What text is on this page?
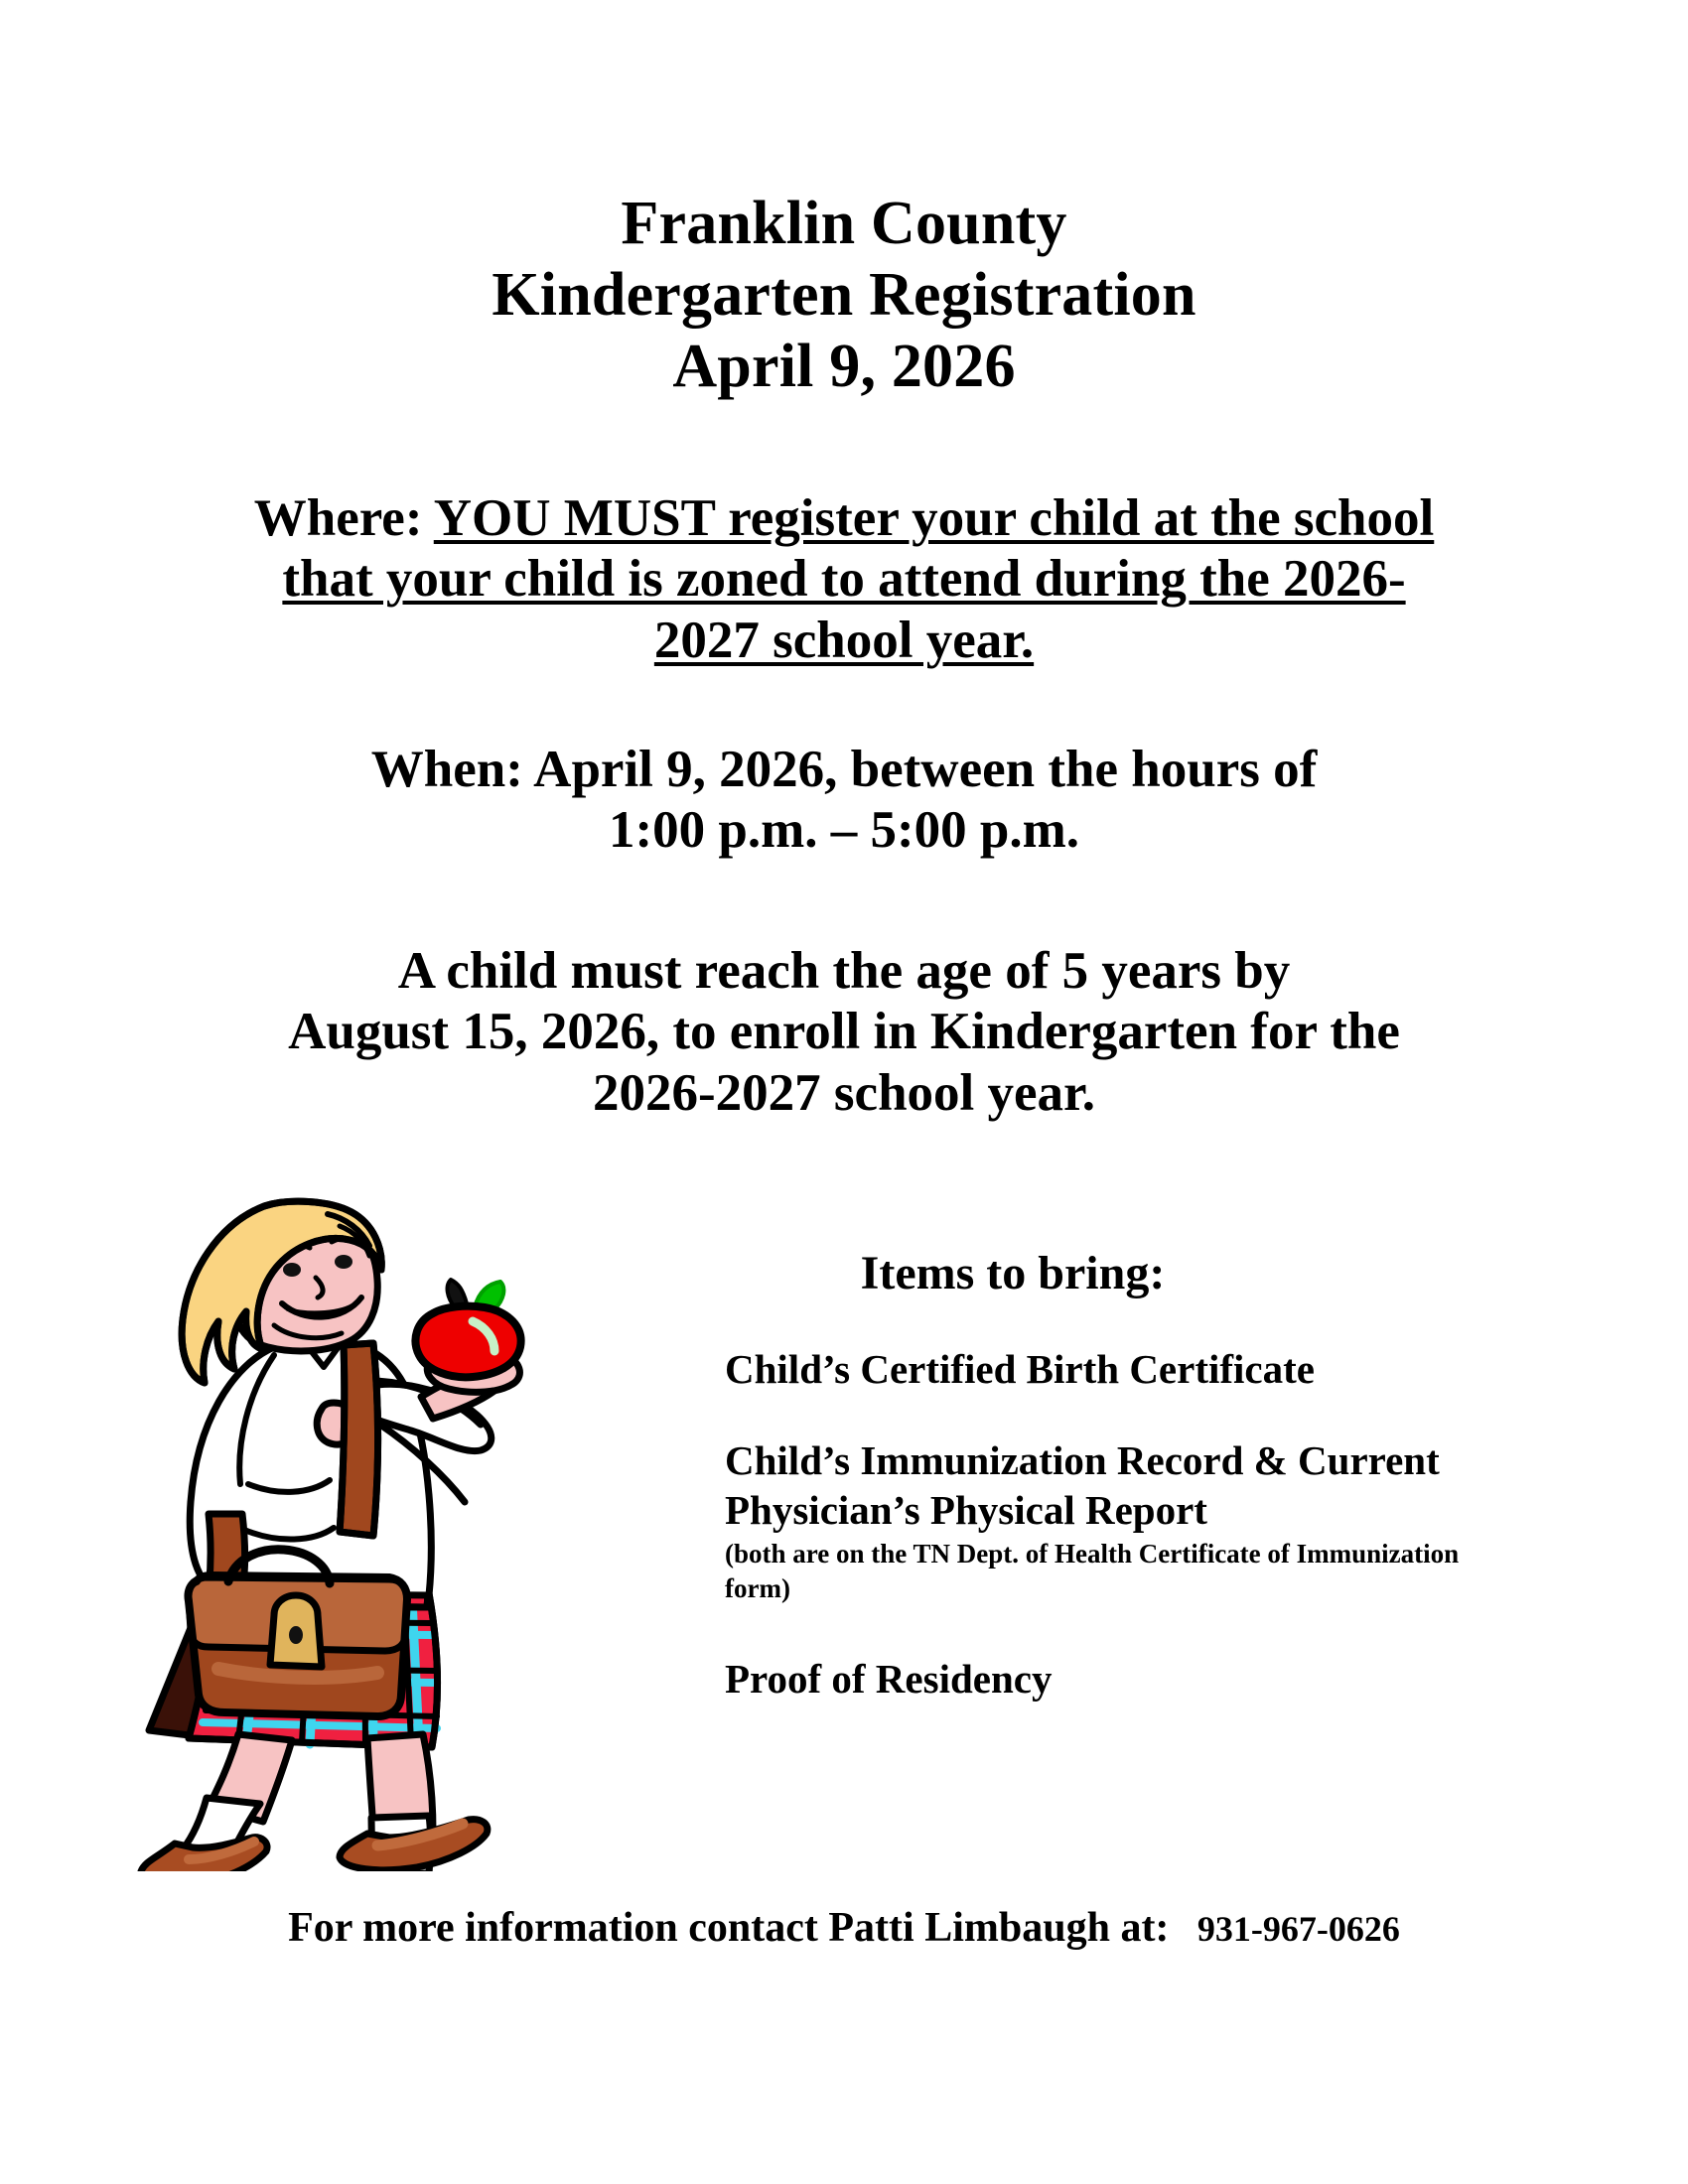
Franklin County
Kindergarten Registration
April 9, 2026
Where: YOU MUST register your child at the school that your child is zoned to attend during the 2026-2027 school year.
When: April 9, 2026, between the hours of
1:00 p.m. – 5:00 p.m.
A child must reach the age of 5 years by
August 15, 2026, to enroll in Kindergarten for the
2026-2027 school year.
Items to bring:
Child’s Certified Birth Certificate
Child’s Immunization Record & Current Physician’s Physical Report
(both are on the TN Dept. of Health Certificate of Immunization form)
Proof of Residency
For more information contact Patti Limbaugh at:   931-967-0626
